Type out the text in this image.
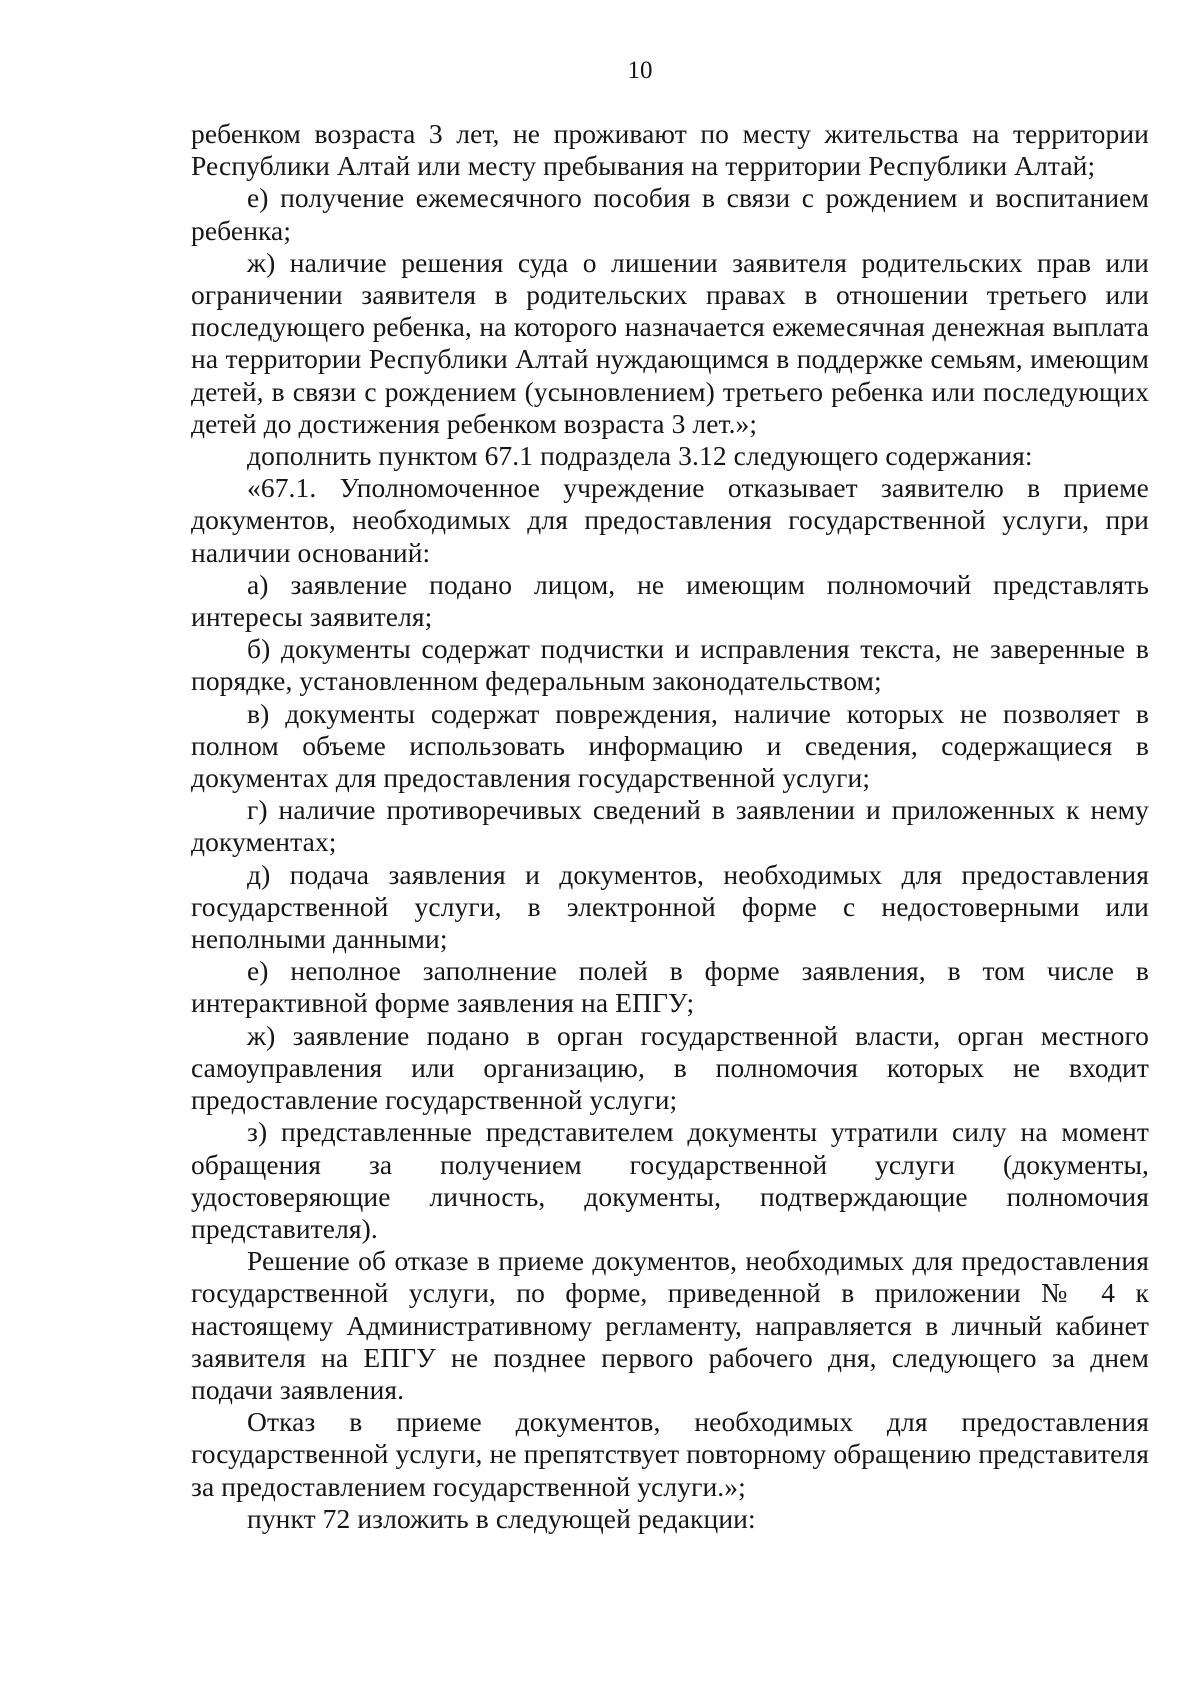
10

ребенком возраста 3 лет, не проживают по месту жительства на территории Республики Алтай или месту пребывания на территории Республики Алтай;

е) получение ежемесячного пособия в связи с рождением и воспитанием ребенка;

ж) наличие решения суда о лишении заявителя родительских прав или ограничении заявителя в родительских правах в отношении третьего или последующего ребенка, на которого назначается ежемесячная денежная выплата на территории Республики Алтай нуждающимся в поддержке семьям, имеющим детей, в связи с рождением (усыновлением) третьего ребенка или последующих детей до достижения ребенком возраста 3 лет.»;

дополнить пунктом 67.1 подраздела 3.12 следующего содержания:

«67.1. Уполномоченное учреждение отказывает заявителю в приеме документов, необходимых для предоставления государственной услуги, при наличии оснований:

а) заявление подано лицом, не имеющим полномочий представлять интересы заявителя;

б) документы содержат подчистки и исправления текста, не заверенные в порядке, установленном федеральным законодательством;

в) документы содержат повреждения, наличие которых не позволяет в полном объеме использовать информацию и сведения, содержащиеся в документах для предоставления государственной услуги;

г) наличие противоречивых сведений в заявлении и приложенных к нему документах;

д) подача заявления и документов, необходимых для предоставления государственной услуги, в электронной форме с недостоверными или неполными данными;

е) неполное заполнение полей в форме заявления, в том числе в интерактивной форме заявления на ЕПГУ;

ж) заявление подано в орган государственной власти, орган местного самоуправления или организацию, в полномочия которых не входит предоставление государственной услуги;

з) представленные представителем документы утратили силу на момент обращения за получением государственной услуги (документы, удостоверяющие личность, документы, подтверждающие полномочия представителя).

Решение об отказе в приеме документов, необходимых для предоставления государственной услуги, по форме, приведенной в приложении № 4 к настоящему Административному регламенту, направляется в личный кабинет заявителя на ЕПГУ не позднее первого рабочего дня, следующего за днем подачи заявления.

Отказ в приеме документов, необходимых для предоставления государственной услуги, не препятствует повторному обращению представителя за предоставлением государственной услуги.»;

пункт 72 изложить в следующей редакции:
